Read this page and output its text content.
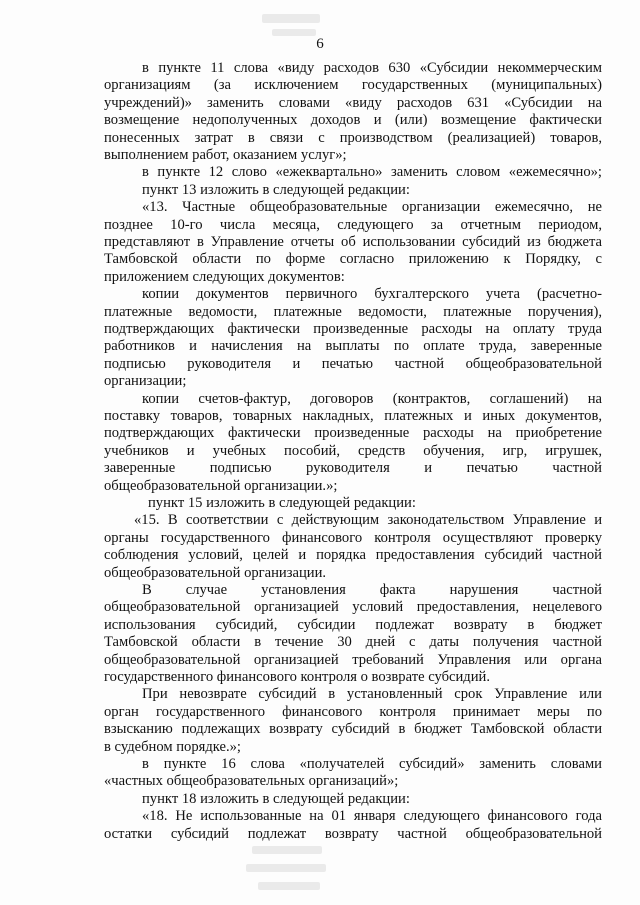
6
в пункте 11 слова «виду расходов 630 «Субсидии некоммерческим
организациям (за исключением государственных (муниципальных)
учреждений)» заменить словами «виду расходов 631 «Субсидии на
возмещение недополученных доходов и (или) возмещение фактически
понесенных затрат в связи с производством (реализацией) товаров,
выполнением работ, оказанием услуг»;
в пункте 12 слово «ежеквартально» заменить словом «ежемесячно»;
пункт 13 изложить в следующей редакции:
«13. Частные общеобразовательные организации ежемесячно, не
позднее 10-го числа месяца, следующего за отчетным периодом,
представляют в Управление отчеты об использовании субсидий из бюджета
Тамбовской области по форме согласно приложению к Порядку, с
приложением следующих документов:
копии документов первичного бухгалтерского учета (расчетно-
платежные ведомости, платежные ведомости, платежные поручения),
подтверждающих фактически произведенные расходы на оплату труда
работников и начисления на выплаты по оплате труда, заверенные
подписью руководителя и печатью частной общеобразовательной
организации;
копии счетов-фактур, договоров (контрактов, соглашений) на
поставку товаров, товарных накладных, платежных и иных документов,
подтверждающих фактически произведенные расходы на приобретение
учебников и учебных пособий, средств обучения, игр, игрушек,
заверенные подписью руководителя и печатью частной
общеобразовательной организации.»;
пункт 15 изложить в следующей редакции:
«15. В соответствии с действующим законодательством Управление и
органы государственного финансового контроля осуществляют проверку
соблюдения условий, целей и порядка предоставления субсидий частной
общеобразовательной организации.
В случае установления факта нарушения частной
общеобразовательной организацией условий предоставления, нецелевого
использования субсидий, субсидии подлежат возврату в бюджет
Тамбовской области в течение 30 дней с даты получения частной
общеобразовательной организацией требований Управления или органа
государственного финансового контроля о возврате субсидий.
При невозврате субсидий в установленный срок Управление или
орган государственного финансового контроля принимает меры по
взысканию подлежащих возврату субсидий в бюджет Тамбовской области
в судебном порядке.»;
в пункте 16 слова «получателей субсидий» заменить словами
«частных общеобразовательных организаций»;
пункт 18 изложить в следующей редакции:
«18. Не использованные на 01 января следующего финансового года
остатки субсидий подлежат возврату частной общеобразовательной
